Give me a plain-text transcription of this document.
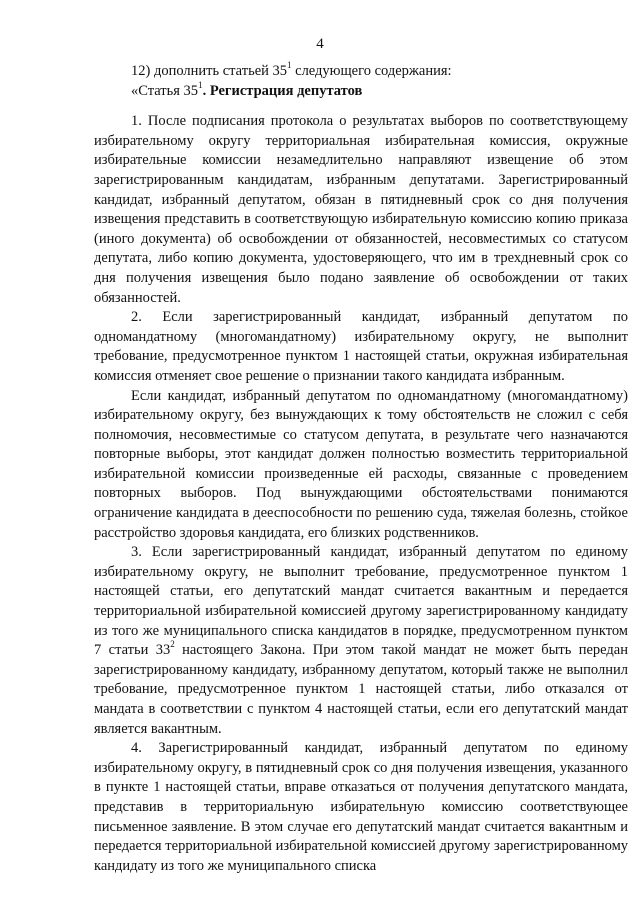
4

12) дополнить статьей $35^1$ следующего содержания:

«Статья $35^1$. Регистрация депутатов

1. После подписания протокола о результатах выборов по соответствующему избирательному округу территориальная избирательная комиссия, окружные избирательные комиссии незамедлительно направляют извещение об этом зарегистрированным кандидатам, избранным депутатами. Зарегистрированный кандидат, избранный депутатом, обязан в пятидневный срок со дня получения извещения представить в соответствующую избирательную комиссию копию приказа (иного документа) об освобождении от обязанностей, несовместимых со статусом депутата, либо копию документа, удостоверяющего, что им в трехдневный срок со дня получения извещения было подано заявление об освобождении от таких обязанностей.

2. Если зарегистрированный кандидат, избранный депутатом по одномандатному (многомандатному) избирательному округу, не выполнит требование, предусмотренное пунктом 1 настоящей статьи, окружная избирательная комиссия отменяет свое решение о признании такого кандидата избранным.

Если кандидат, избранный депутатом по одномандатному (многомандатному) избирательному округу, без вынуждающих к тому обстоятельств не сложил с себя полномочия, несовместимые со статусом депутата, в результате чего назначаются повторные выборы, этот кандидат должен полностью возместить территориальной избирательной комиссии произведенные ей расходы, связанные с проведением повторных выборов. Под вынуждающими обстоятельствами понимаются ограничение кандидата в дееспособности по решению суда, тяжелая болезнь, стойкое расстройство здоровья кандидата, его близких родственников.

3. Если зарегистрированный кандидат, избранный депутатом по единому избирательному округу, не выполнит требование, предусмотренное пунктом 1 настоящей статьи, его депутатский мандат считается вакантным и передается территориальной избирательной комиссией другому зарегистрированному кандидату из того же муниципального списка кандидатов в порядке, предусмотренном пунктом 7 статьи $33^2$ настоящего Закона. При этом такой мандат не может быть передан зарегистрированному кандидату, избранному депутатом, который также не выполнил требование, предусмотренное пунктом 1 настоящей статьи, либо отказался от мандата в соответствии с пунктом 4 настоящей статьи, если его депутатский мандат является вакантным.

4. Зарегистрированный кандидат, избранный депутатом по единому избирательному округу, в пятидневный срок со дня получения извещения, указанного в пункте 1 настоящей статьи, вправе отказаться от получения депутатского мандата, представив в территориальную избирательную комиссию соответствующее письменное заявление. В этом случае его депутатский мандат считается вакантным и передается территориальной избирательной комиссией другому зарегистрированному кандидату из того же муниципального списка
